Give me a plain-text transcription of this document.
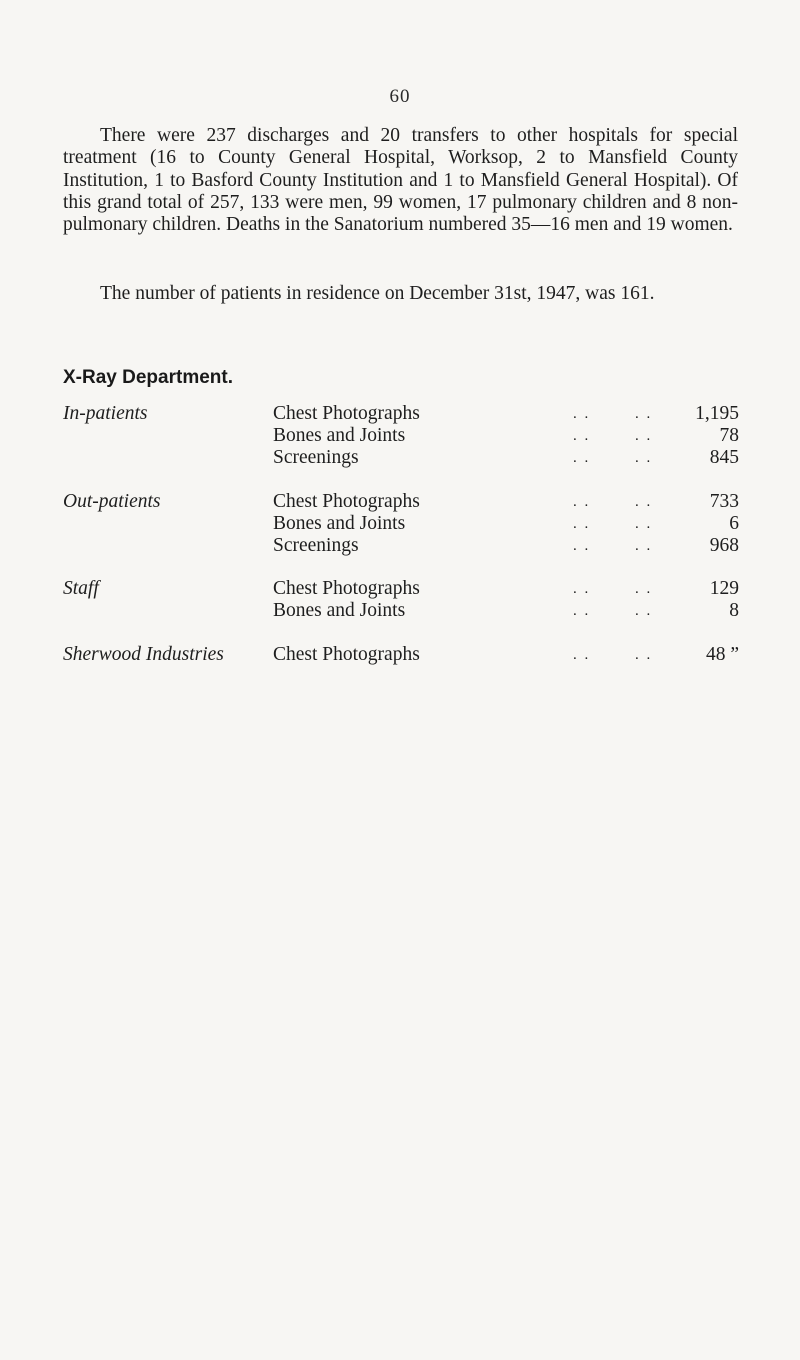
60

There were 237 discharges and 20 transfers to other hospitals for special treatment (16 to County General Hospital, Worksop, 2 to Mansfield County Institution, 1 to Basford County Institution and 1 to Mansfield General Hospital). Of this grand total of 257, 133 were men, 99 women, 17 pulmonary children and 8 non-pulmonary children. Deaths in the Sanatorium numbered 35—16 men and 19 women.

The number of patients in residence on December 31st, 1947, was 161.

X-Ray Department.
In-patients	Chest Photographs	. .	. .	1,195
	Bones and Joints	. .	. .	78
	Screenings	. .	. .	845
Out-patients	Chest Photographs	. .	. .	733
	Bones and Joints	. .	. .	6
	Screenings	. .	. .	968
Staff	Chest Photographs	. .	. .	129
	Bones and Joints	. .	. .	8
Sherwood Industries	Chest Photographs	. .	. .	48 ”
